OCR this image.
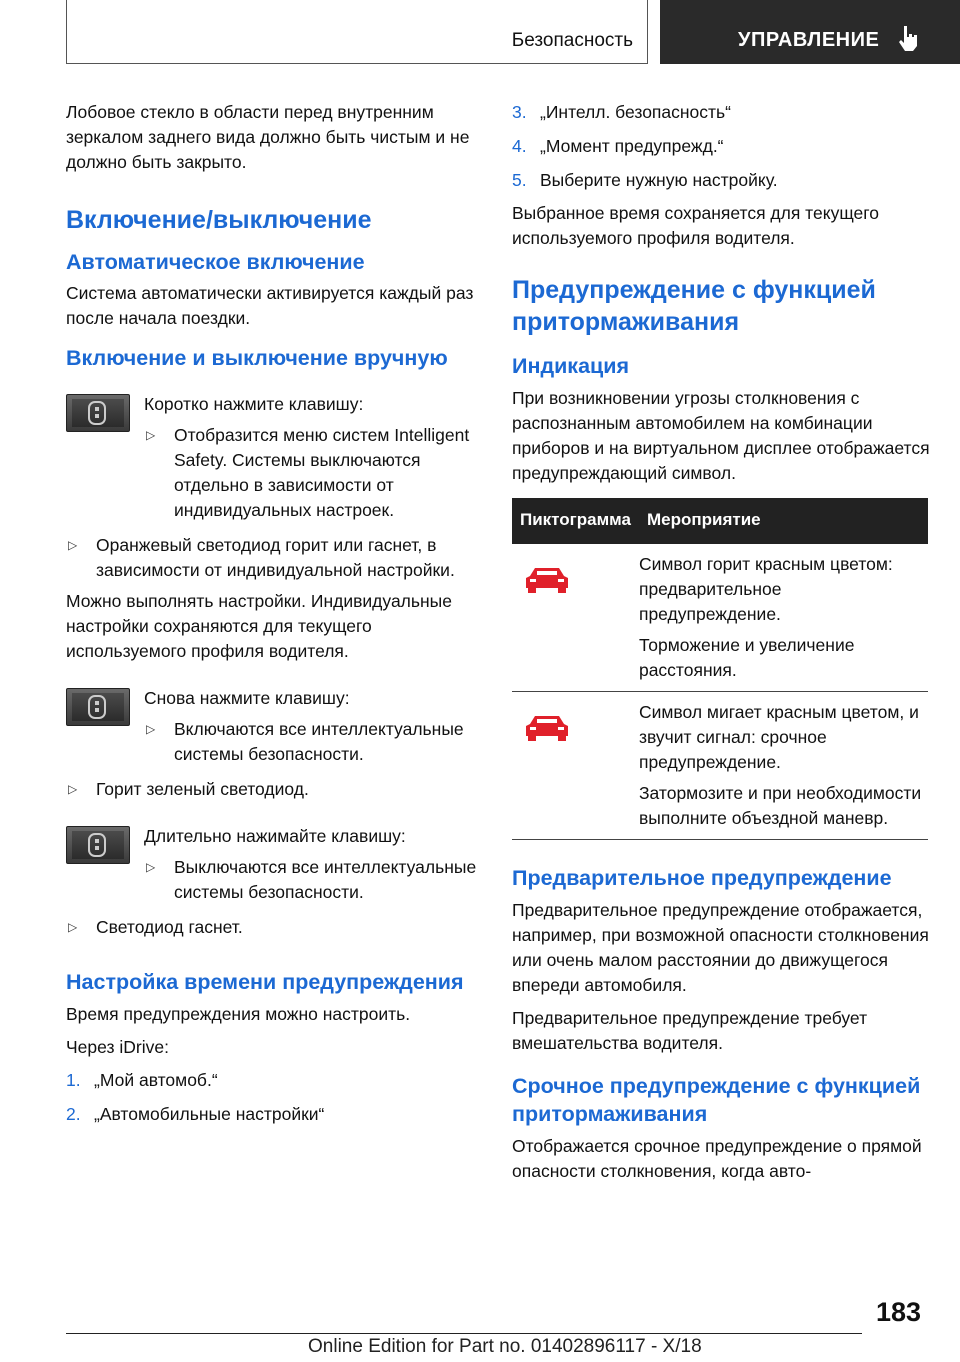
Безопасность	УПРАВЛЕНИЕ

Лобовое стекло в области перед внутренним зеркалом заднего вида должно быть чистым и не должно быть закрыто.

Включение/выключение
Автоматическое включение

Система автоматически активируется каждый раз после начала поездки.

Включение и выключение вручную

Коротко нажмите клавишу:

▷	Отобразится меню систем Intelligent Safety. Системы выключаются отдельно в зависимости от индивидуальных настроек.
▷	Оранжевый светодиод горит или гаснет, в зависимости от индивидуальной настройки.

Можно выполнять настройки. Индивидуальные настройки сохраняются для текущего используемого профиля водителя.

Снова нажмите клавишу:

▷	Включаются все интеллектуальные системы безопасности.
▷	Горит зеленый светодиод.

Длительно нажимайте клавишу:

▷	Выключаются все интеллектуальные системы безопасности.
▷	Светодиод гаснет.
Настройка времени предупреждения

Время предупреждения можно настроить.

Через iDrive:

1. „Мой автомоб.“
2. „Автомобильные настройки“
3. „Интелл. безопасность“
4. „Момент предупрежд.“
5. Выберите нужную настройку.

Выбранное время сохраняется для текущего используемого профиля водителя.

Предупреждение с функцией притормаживания
Индикация

При возникновении угрозы столкновения с распознанным автомобилем на комбинации приборов и на виртуальном дисплее отображается предупреждающий символ.

Пиктограмма	Мероприятие

Символ горит красным цветом: предварительное предупреждение.
Торможение и увеличение расстояния.

Символ мигает красным цветом, и звучит сигнал: срочное предупреждение.
Затормозите и при необходимости выполните объездной маневр.
Предварительное предупреждение

Предварительное предупреждение отображается, например, при возможной опасности столкновения или очень малом расстоянии до движущегося впереди автомобиля.

Предварительное предупреждение требует вмешательства водителя.

Срочное предупреждение с функцией притормаживания

Отображается срочное предупреждение о прямой опасности столкновения, когда авто-

183
Online Edition for Part no. 01402896117 - X/18
